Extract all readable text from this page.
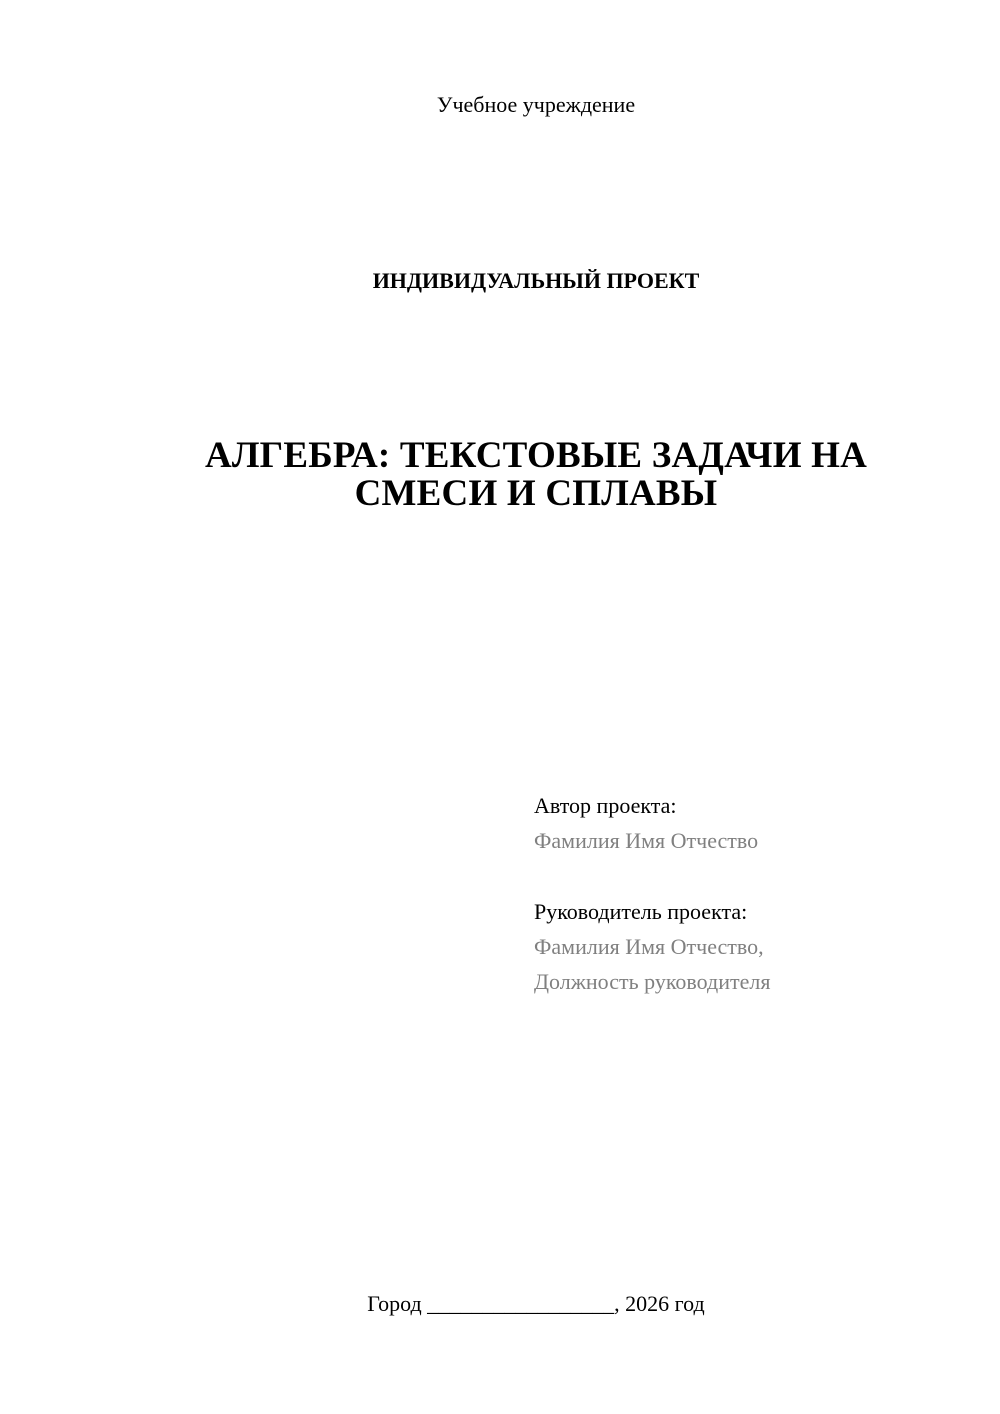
Учебное учреждение
ИНДИВИДУАЛЬНЫЙ ПРОЕКТ
АЛГЕБРА: ТЕКСТОВЫЕ ЗАДАЧИ НА
СМЕСИ И СПЛАВЫ
Автор проекта:
Фамилия Имя Отчество
Руководитель проекта:
Фамилия Имя Отчество,
Должность руководителя
Город _________________, 2026 год
